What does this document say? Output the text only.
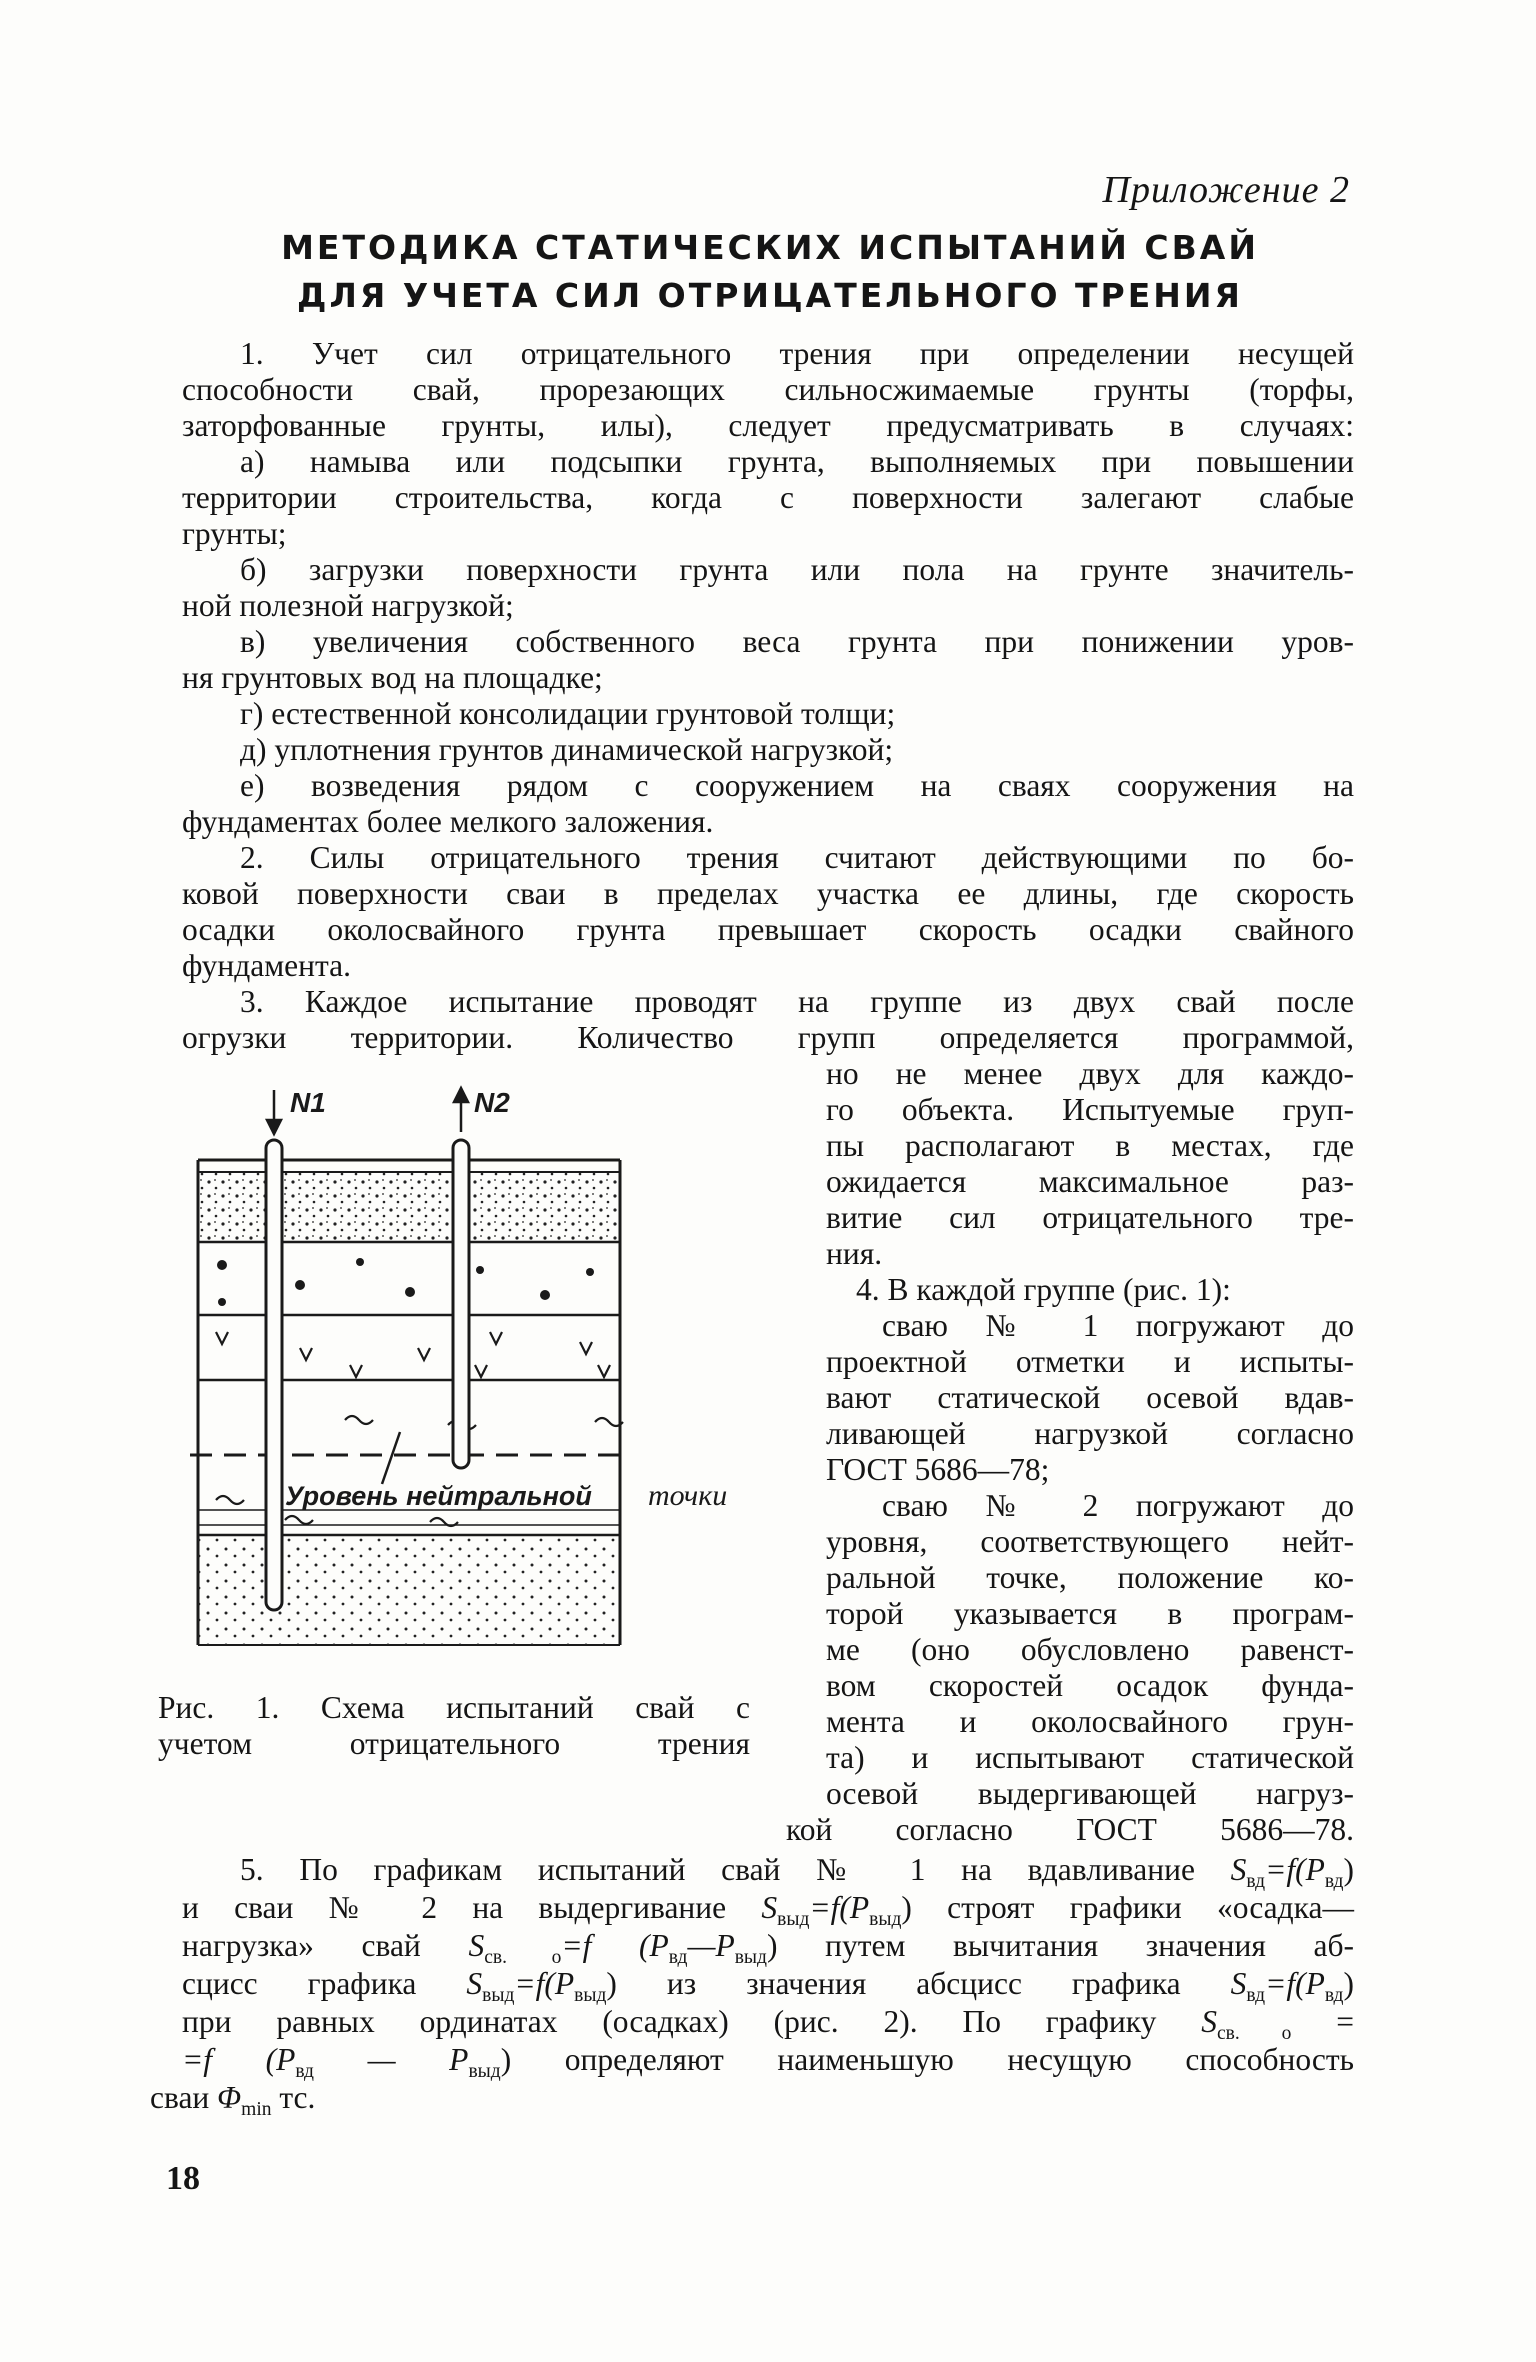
Приложение 2
МЕТОДИКА СТАТИЧЕСКИХ ИСПЫТАНИЙ СВАЙ
ДЛЯ УЧЕТА СИЛ ОТРИЦАТЕЛЬНОГО ТРЕНИЯ
1. Учет сил отрицательного трения при определении несущей
способности свай, прорезающих сильносжимаемые грунты (торфы,
заторфованные грунты, илы), следует предусматривать в случаях:
а) намыва или подсыпки грунта, выполняемых при повышении
территории строительства, когда с поверхности залегают слабые
грунты;
б) загрузки поверхности грунта или пола на грунте значитель-
ной полезной нагрузкой;
в) увеличения собственного веса грунта при понижении уров-
ня грунтовых вод на площадке;
г) естественной консолидации грунтовой толщи;
д) уплотнения грунтов динамической нагрузкой;
е) возведения рядом с сооружением на сваях сооружения на
фундаментах более мелкого заложения.
2. Силы отрицательного трения считают действующими по бо-
ковой поверхности сваи в пределах участка ее длины, где скорость
осадки околосвайного грунта превышает скорость осадки свайного
фундамента.
3. Каждое испытание проводят на группе из двух свай после
огрузки территории. Количество групп определяется программой,
но не менее двух для каждо-
го объекта. Испытуемые груп-
пы располагают в местах, где
ожидается максимальное раз-
витие сил отрицательного тре-
ния.
4. В каждой группе (рис. 1):
сваю № 1 погружают до
проектной отметки и испыты-
вают статической осевой вдав-
ливающей нагрузкой согласно
ГОСТ 5686—78;
сваю № 2 погружают до
уровня, соответствующего нейт-
ральной точке, положение ко-
торой указывается в програм-
ме (оно обусловлено равенст-
вом скоростей осадок фунда-
мента и околосвайного грун-
та) и испытывают статической
осевой выдергивающей нагруз-
кой согласно ГОСТ 5686—78.
N1	N2
Уровень нейтральной точки
Рис. 1. Схема испытаний свай с
учетом отрицательного трения
5. По графикам испытаний свай № 1 на вдавливание $S_{вд}=f(P_{вд})$
и сваи № 2 на выдергивание $S_{выд}=f(P_{выд})$ строят графики «осадка—
нагрузка» свай $S_{св. о}=f$ $(P_{вд}—P_{выд})$ путем вычитания значения аб-
сцисс графика $S_{выд}=f(P_{выд})$ из значения абсцисс графика $S_{вд}=f(P_{вд})$
при равных ординатах (осадках) (рис. 2). По графику $S_{св. о}$ =
=f ($P_{вд}$ — $P_{выд}$) определяют наименьшую несущую способность
сваи $\Phi_{min}$ тс.
18
